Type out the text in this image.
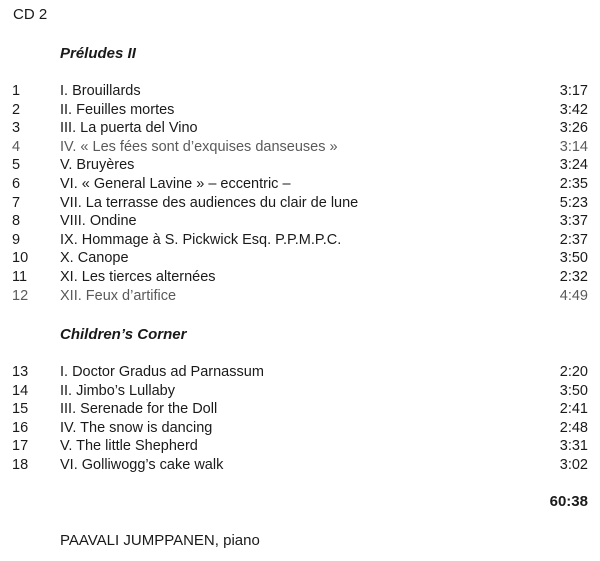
CD 2
Préludes II
1	I. Brouillards	3:17
2	II. Feuilles mortes	3:42
3	III. La puerta del Vino	3:26
4	IV. « Les fées sont d’exquises danseuses »	3:14
5	V. Bruyères	3:24
6	VI. « General Lavine » – eccentric –	2:35
7	VII. La terrasse des audiences du clair de lune	5:23
8	VIII. Ondine	3:37
9	IX. Hommage à S. Pickwick Esq. P.P.M.P.C.	2:37
10 X. Canope	3:50
11 XI. Les tierces alternées	2:32
12 XII. Feux d’artifice	4:49
Children’s Corner
13 I. Doctor Gradus ad Parnassum	2:20
14 II. Jimbo’s Lullaby	3:50
15 III. Serenade for the Doll	2:41
16 IV. The snow is dancing	2:48
17 V. The little Shepherd	3:31
18 VI. Golliwogg’s cake walk	3:02
60:38
PAAVALI JUMPPANEN, piano
